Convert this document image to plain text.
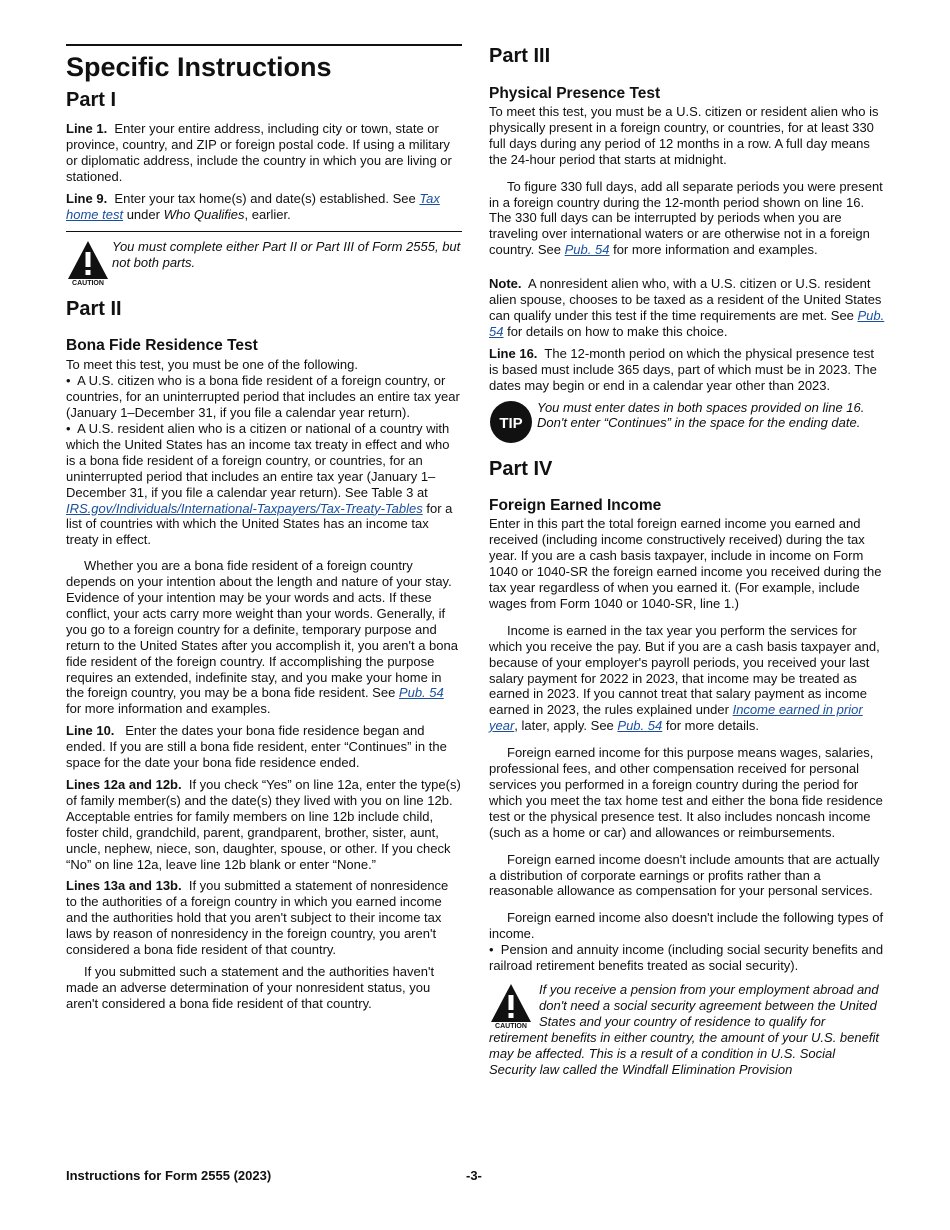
Specific Instructions
Part I

Line 1. Enter your entire address, including city or town, state or province, country, and ZIP or foreign postal code. If using a military or diplomatic address, include the country in which you are living or stationed.

Line 9. Enter your tax home(s) and date(s) established. See Tax home test under Who Qualifies, earlier.

CAUTION
You must complete either Part II or Part III of Form 2555, but not both parts.
Part II
Bona Fide Residence Test

To meet this test, you must be one of the following.

•  A U.S. citizen who is a bona fide resident of a foreign country, or countries, for an uninterrupted period that includes an entire tax year (January 1–December 31, if you file a calendar year return).

•  A U.S. resident alien who is a citizen or national of a country with which the United States has an income tax treaty in effect and who is a bona fide resident of a foreign country, or countries, for an uninterrupted period that includes an entire tax year (January 1–December 31, if you file a calendar year return). See Table 3 at IRS.gov/Individuals/International-Taxpayers/Tax-Treaty-Tables for a list of countries with which the United States has an income tax treaty in effect.

Whether you are a bona fide resident of a foreign country depends on your intention about the length and nature of your stay. Evidence of your intention may be your words and acts. If these conflict, your acts carry more weight than your words. Generally, if you go to a foreign country for a definite, temporary purpose and return to the United States after you accomplish it, you aren't a bona fide resident of the foreign country. If accomplishing the purpose requires an extended, indefinite stay, and you make your home in the foreign country, you may be a bona fide resident. See Pub. 54 for more information and examples.

Line 10. Enter the dates your bona fide residence began and ended. If you are still a bona fide resident, enter “Continues” in the space for the date your bona fide residence ended.

Lines 12a and 12b. If you check “Yes” on line 12a, enter the type(s) of family member(s) and the date(s) they lived with you on line 12b. Acceptable entries for family members on line 12b include child, foster child, grandchild, parent, grandparent, brother, sister, aunt, uncle, nephew, niece, son, daughter, spouse, or other. If you check “No” on line 12a, leave line 12b blank or enter “None.”

Lines 13a and 13b. If you submitted a statement of nonresidence to the authorities of a foreign country in which you earned income and the authorities hold that you aren't subject to their income tax laws by reason of nonresidency in the foreign country, you aren't considered a bona fide resident of that country.

If you submitted such a statement and the authorities haven't made an adverse determination of your nonresident status, you aren't considered a bona fide resident of that country.

Part III
Physical Presence Test

To meet this test, you must be a U.S. citizen or resident alien who is physically present in a foreign country, or countries, for at least 330 full days during any period of 12 months in a row. A full day means the 24-hour period that starts at midnight.

To figure 330 full days, add all separate periods you were present in a foreign country during the 12-month period shown on line 16. The 330 full days can be interrupted by periods when you are traveling over international waters or are otherwise not in a foreign country. See Pub. 54 for more information and examples.

Note. A nonresident alien who, with a U.S. citizen or U.S. resident alien spouse, chooses to be taxed as a resident of the United States can qualify under this test if the time requirements are met. See Pub. 54 for details on how to make this choice.

Line 16. The 12-month period on which the physical presence test is based must include 365 days, part of which must be in 2023. The dates may begin or end in a calendar year other than 2023.

TIP
You must enter dates in both spaces provided on line 16. Don't enter “Continues” in the space for the ending date.
Part IV
Foreign Earned Income

Enter in this part the total foreign earned income you earned and received (including income constructively received) during the tax year. If you are a cash basis taxpayer, include in income on Form 1040 or 1040-SR the foreign earned income you received during the tax year regardless of when you earned it. (For example, include wages from Form 1040 or 1040-SR, line 1.)

Income is earned in the tax year you perform the services for which you receive the pay. But if you are a cash basis taxpayer and, because of your employer's payroll periods, you received your last salary payment for 2022 in 2023, that income may be treated as earned in 2023. If you cannot treat that salary payment as income earned in 2023, the rules explained under Income earned in prior year, later, apply. See Pub. 54 for more details.

Foreign earned income for this purpose means wages, salaries, professional fees, and other compensation received for personal services you performed in a foreign country during the period for which you meet the tax home test and either the bona fide residence test or the physical presence test. It also includes noncash income (such as a home or car) and allowances or reimbursements.

Foreign earned income doesn't include amounts that are actually a distribution of corporate earnings or profits rather than a reasonable allowance as compensation for your personal services.

Foreign earned income also doesn't include the following types of income.

•  Pension and annuity income (including social security benefits and railroad retirement benefits treated as social security).

CAUTION
If you receive a pension from your employment abroad and don't need a social security agreement between the United States and your country of residence to qualify for retirement benefits in either country, the amount of your U.S. benefit may be affected. This is a result of a condition in U.S. Social Security law called the Windfall Elimination Provision
Instructions for Form 2555 (2023)	-3-
